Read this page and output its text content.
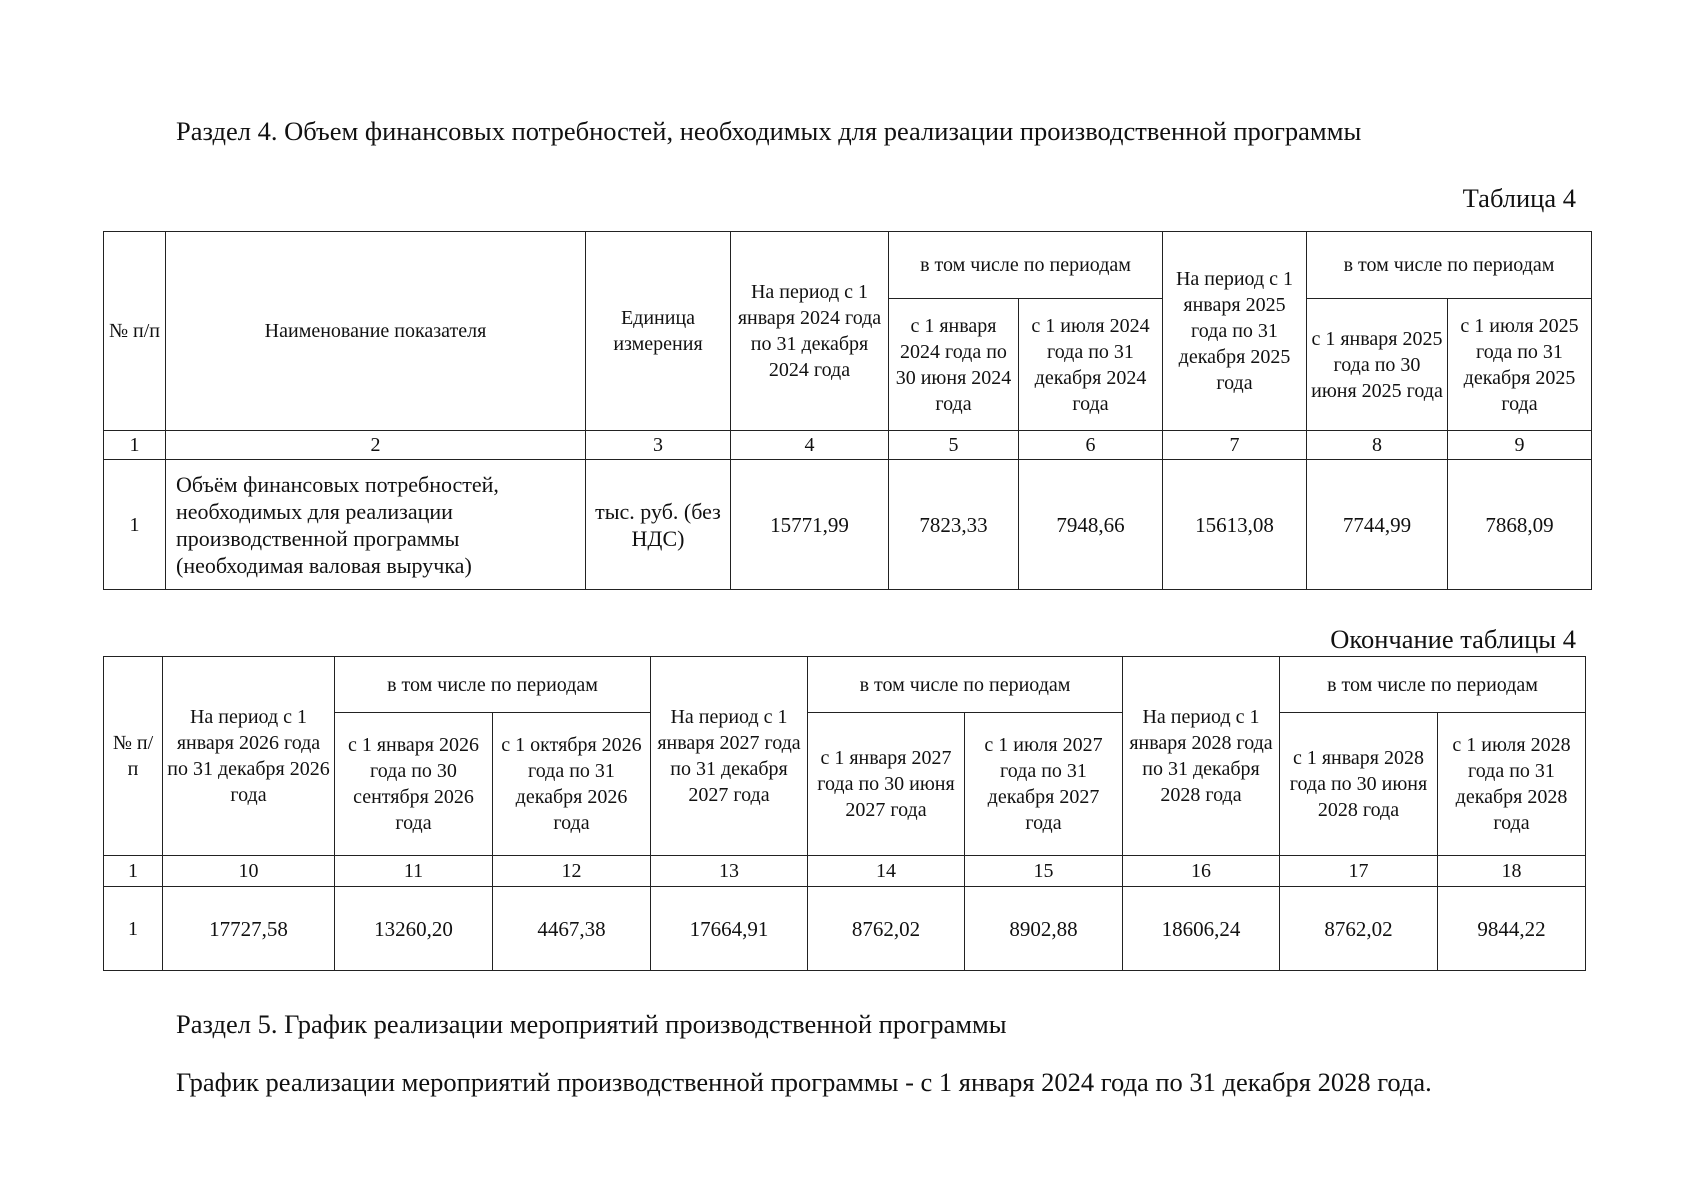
Раздел 4. Объем финансовых потребностей, необходимых для реализации производственной программы
Таблица 4
№ п/п	Наименование показателя	Единица измерения	На период с 1 января 2024 года по 31 декабря 2024 года	в том числе по периодам		На период с 1 января 2025 года по 31 декабря 2025 года	в том числе по периодам	
				с 1 января 2024 года по 30 июня 2024 года	с 1 июля 2024 года по 31 декабря 2024 года		с 1 января 2025 года по 30 июня 2025 года	с 1 июля 2025 года по 31 декабря 2025 года
1	2	3	4	5	6	7	8	9
1	Объём финансовых потребностей, необходимых для реализации производственной программы (необходимая валовая выручка)	тыс. руб. (без НДС)	15771,99	7823,33	7948,66	15613,08	7744,99	7868,09
Окончание таблицы 4
№ п/п	На период с 1 января 2026 года по 31 декабря 2026 года	в том числе по периодам		На период с 1 января 2027 года по 31 декабря 2027 года	в том числе по периодам		На период с 1 января 2028 года по 31 декабря 2028 года	в том числе по периодам	
		с 1 января 2026 года по 30 сентября 2026 года	с 1 октября 2026 года по 31 декабря 2026 года		с 1 января 2027 года по 30 июня 2027 года	с 1 июля 2027 года по 31 декабря 2027 года		с 1 января 2028 года по 30 июня 2028 года	с 1 июля 2028 года по 31 декабря 2028 года
1	10	11	12	13	14	15	16	17	18
1	17727,58	13260,20	4467,38	17664,91	8762,02	8902,88	18606,24	8762,02	9844,22
Раздел 5. График реализации мероприятий производственной программы
График реализации мероприятий производственной программы - с 1 января 2024 года по 31 декабря 2028 года.
